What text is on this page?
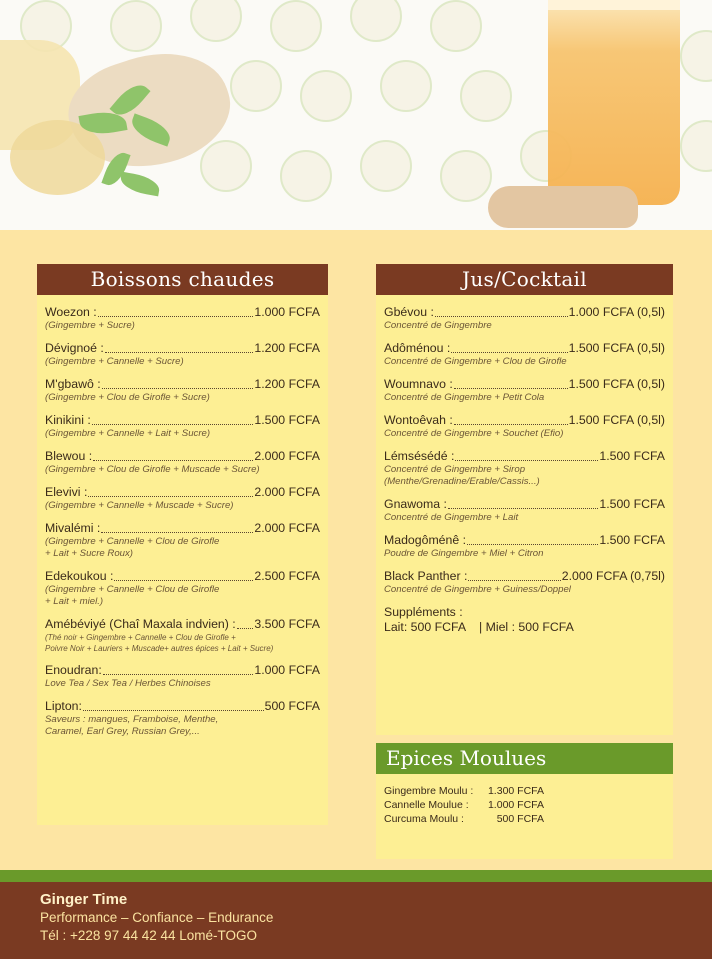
Boissons chaudes
Woezon :	1.000 FCFA
(Gingembre + Sucre)
Dévignoé :	1.200 FCFA
(Gingembre + Cannelle + Sucre)
M'gbawô :	1.200 FCFA
(Gingembre + Clou de Girofle + Sucre)
Kinikini :	1.500 FCFA
(Gingembre + Cannelle + Lait + Sucre)
Blewou :	2.000 FCFA
(Gingembre + Clou de Girofle + Muscade + Sucre)
Elevivi :	2.000 FCFA
(Gingembre + Cannelle + Muscade + Sucre)
Mivalémi :	2.000 FCFA
(Gingembre + Cannelle + Clou de Girofle
+ Lait + Sucre Roux)
Edekoukou :	2.500 FCFA
(Gingembre + Cannelle + Clou de Girofle
+ Lait + miel.)
Amébéviyé (Chaî Maxala indvien) : 3.500 FCFA
(Thé noir + Gingembre + Cannelle + Clou de Girofle +
Poivre Noir + Lauriers + Muscade+ autres épices + Lait + Sucre)
Enoudran:	1.000 FCFA
Love Tea / Sex Tea / Herbes Chinoises
Lipton:	500 FCFA
Saveurs : mangues, Framboise, Menthe,
Caramel, Earl Grey, Russian Grey,...
Jus/Cocktail
Gbévou :	1.000 FCFA (0,5l)
Concentré de Gingembre
Adôménou :	1.500 FCFA (0,5l)
Concentré de Gingembre + Clou de Girofle
Woumnavo :	1.500 FCFA (0,5l)
Concentré de Gingembre + Petit Cola
Wontoêvah :	1.500 FCFA (0,5l)
Concentré de Gingembre + Souchet (Efio)
Lémsésédé :	1.500 FCFA
Concentré de Gingembre + Sirop
(Menthe/Grenadine/Erable/Cassis...)
Gnawoma :	1.500 FCFA
Concentré de Gingembre + Lait
Madogôménê :	1.500 FCFA
Poudre de Gingembre + Miel + Citron
Black Panther :	2.000 FCFA (0,75l)
Concentré de Gingembre + Guiness/Doppel
Suppléments :
Lait: 500 FCFA    | Miel : 500 FCFA
Epices Moulues
Gingembre Moulu :	1.300 FCFA
Cannelle Moulue :	1.000 FCFA
Curcuma Moulu :	500 FCFA
Ginger Time
Performance – Confiance – Endurance
Tél : +228 97 44 42 44 Lomé-TOGO
